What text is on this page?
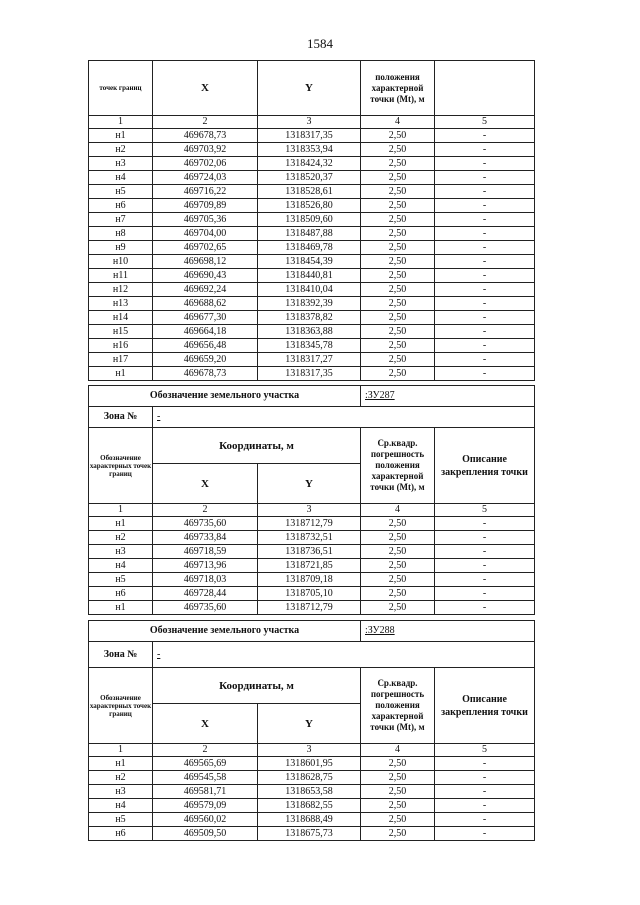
1584
точек границ	X	Y	положения характерной точки (Мt), м	
1	2	3	4	5
н1	469678,73	1318317,35	2,50	-
н2	469703,92	1318353,94	2,50	-
н3	469702,06	1318424,32	2,50	-
н4	469724,03	1318520,37	2,50	-
н5	469716,22	1318528,61	2,50	-
н6	469709,89	1318526,80	2,50	-
н7	469705,36	1318509,60	2,50	-
н8	469704,00	1318487,88	2,50	-
н9	469702,65	1318469,78	2,50	-
н10	469698,12	1318454,39	2,50	-
н11	469690,43	1318440,81	2,50	-
н12	469692,24	1318410,04	2,50	-
н13	469688,62	1318392,39	2,50	-
н14	469677,30	1318378,82	2,50	-
н15	469664,18	1318363,88	2,50	-
н16	469656,48	1318345,78	2,50	-
н17	469659,20	1318317,27	2,50	-
н1	469678,73	1318317,35	2,50	-
Обозначение земельного участка			:ЗУ287	
Зона №	-			
Обозначение характерных точек границ	Координаты, м		Ср.квадр. погрешность положения характерной точки (Мt), м	Описание закрепления точки
	X	Y		
1	2	3	4	5
н1	469735,60	1318712,79	2,50	-
н2	469733,84	1318732,51	2,50	-
н3	469718,59	1318736,51	2,50	-
н4	469713,96	1318721,85	2,50	-
н5	469718,03	1318709,18	2,50	-
н6	469728,44	1318705,10	2,50	-
н1	469735,60	1318712,79	2,50	-
Обозначение земельного участка			:ЗУ288	
Зона №	-			
Обозначение характерных точек границ	Координаты, м		Ср.квадр. погрешность положения характерной точки (Мt), м	Описание закрепления точки
	X	Y		
1	2	3	4	5
н1	469565,69	1318601,95	2,50	-
н2	469545,58	1318628,75	2,50	-
н3	469581,71	1318653,58	2,50	-
н4	469579,09	1318682,55	2,50	-
н5	469560,02	1318688,49	2,50	-
н6	469509,50	1318675,73	2,50	-
